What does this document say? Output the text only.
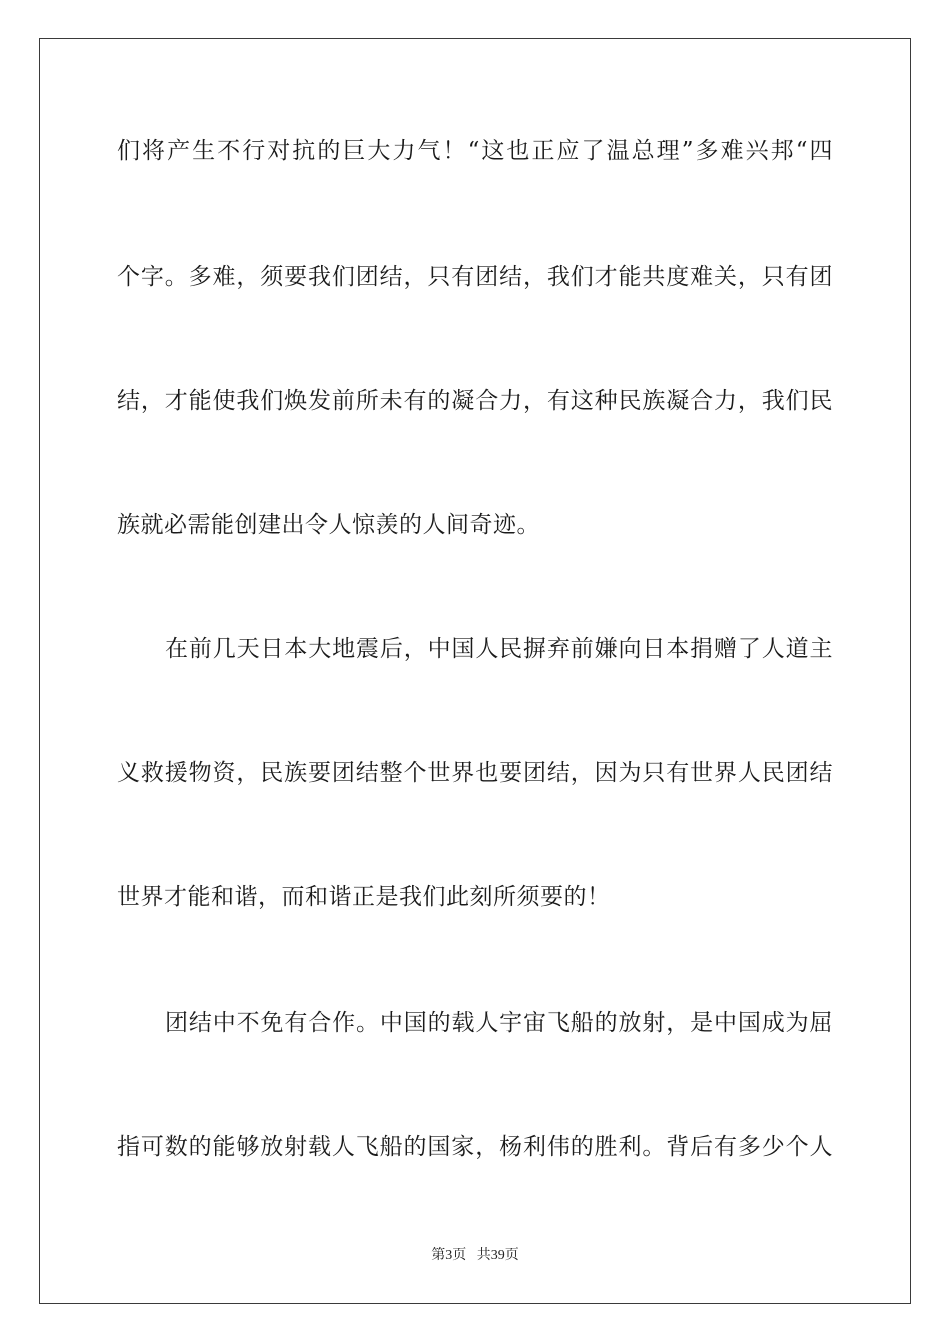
们将产生不行对抗的巨大力气！“这也正应了温总理”多难兴邦“四
个字。多难，须要我们团结，只有团结，我们才能共度难关，只有团
结，才能使我们焕发前所未有的凝合力，有这种民族凝合力，我们民
族就必需能创建出令人惊羡的人间奇迹。
在前几天日本大地震后，中国人民摒弃前嫌向日本捐赠了人道主
义救援物资，民族要团结整个世界也要团结，因为只有世界人民团结
世界才能和谐，而和谐正是我们此刻所须要的！
团结中不免有合作。中国的载人宇宙飞船的放射，是中国成为屈
指可数的能够放射载人飞船的国家，杨利伟的胜利。背后有多少个人
第3页 共39页
